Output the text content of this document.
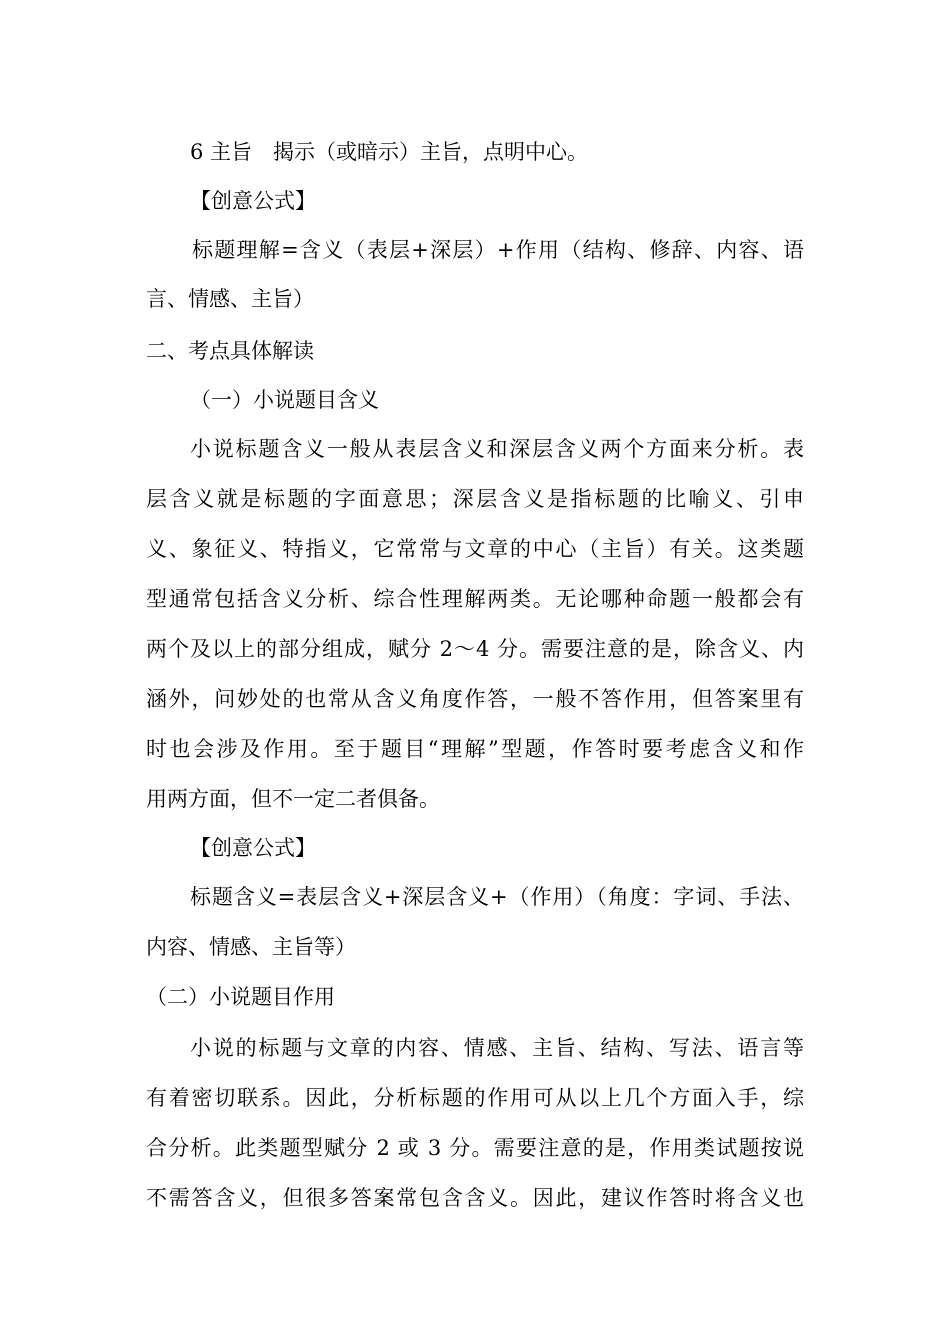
6 主旨　揭示（或暗示）主旨，点明中心。
【创意公式】
标题理解=含义（表层+深层）+作用（结构、修辞、内容、语
言、情感、主旨）
二、考点具体解读
（一）小说题目含义
小说标题含义一般从表层含义和深层含义两个方面来分析。表
层含义就是标题的字面意思；深层含义是指标题的比喻义、引申
义、象征义、特指义，它常常与文章的中心（主旨）有关。这类题
型通常包括含义分析、综合性理解两类。无论哪种命题一般都会有
两个及以上的部分组成，赋分 2～4 分。需要注意的是，除含义、内
涵外，问妙处的也常从含义角度作答，一般不答作用，但答案里有
时也会涉及作用。至于题目“理解”型题，作答时要考虑含义和作
用两方面，但不一定二者俱备。
【创意公式】
标题含义=表层含义+深层含义+（作用）（角度：字词、手法、
内容、情感、主旨等）
（二）小说题目作用
小说的标题与文章的内容、情感、主旨、结构、写法、语言等
有着密切联系。因此，分析标题的作用可从以上几个方面入手，综
合分析。此类题型赋分 2 或 3 分。需要注意的是，作用类试题按说
不需答含义，但很多答案常包含含义。因此，建议作答时将含义也
